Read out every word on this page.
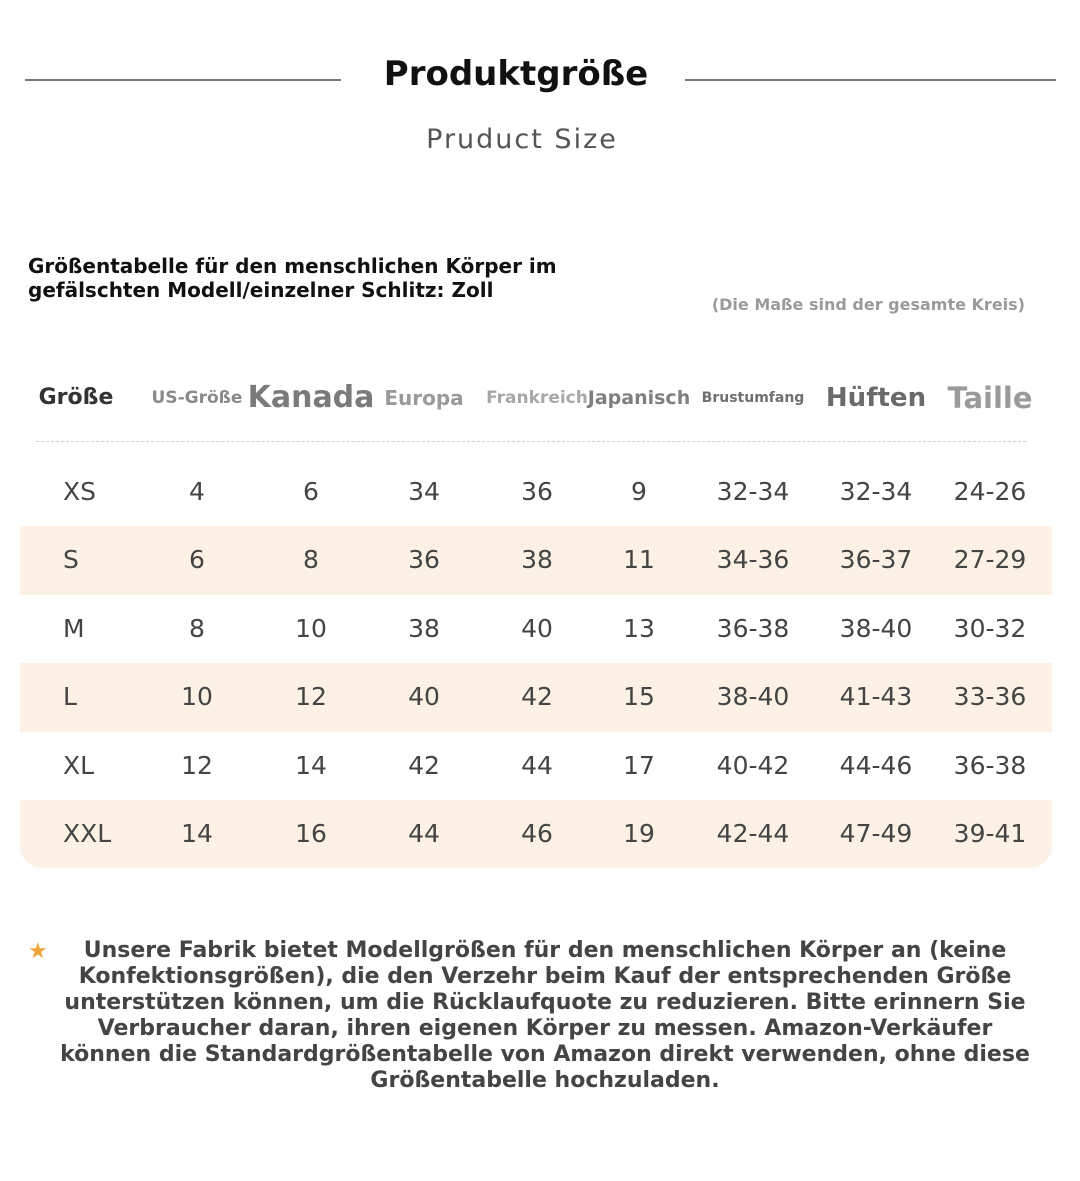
Produktgröße
Pruduct Size
Größentabelle für den menschlichen Körper im gefälschten Modell/einzelner Schlitz: Zoll
(Die Maße sind der gesamte Kreis)
Größe	US-Größe Kanada Europa	Frankreich Japanisch Brustumfang Hüften Taille
XS	4	6	34	36	9	32-34	32-34	24-26
S	6	8	36	38	11	34-36	36-37	27-29
M	8	10	38	40	13	36-38	38-40	30-32
L	10	12	40	42	15	38-40	41-43	33-36
XL	12	14	42	44	17	40-42	44-46	36-38
XXL	14	16	44	46	19	42-44	47-49	39-41
★	Unsere Fabrik bietet Modellgrößen für den menschlichen Körper an (keine Konfektionsgrößen), die den Verzehr beim Kauf der entsprechenden Größe unterstützen können, um die Rücklaufquote zu reduzieren. Bitte erinnern Sie Verbraucher daran, ihren eigenen Körper zu messen. Amazon-Verkäufer können die Standardgrößentabelle von Amazon direkt verwenden, ohne diese Größentabelle hochzuladen.
